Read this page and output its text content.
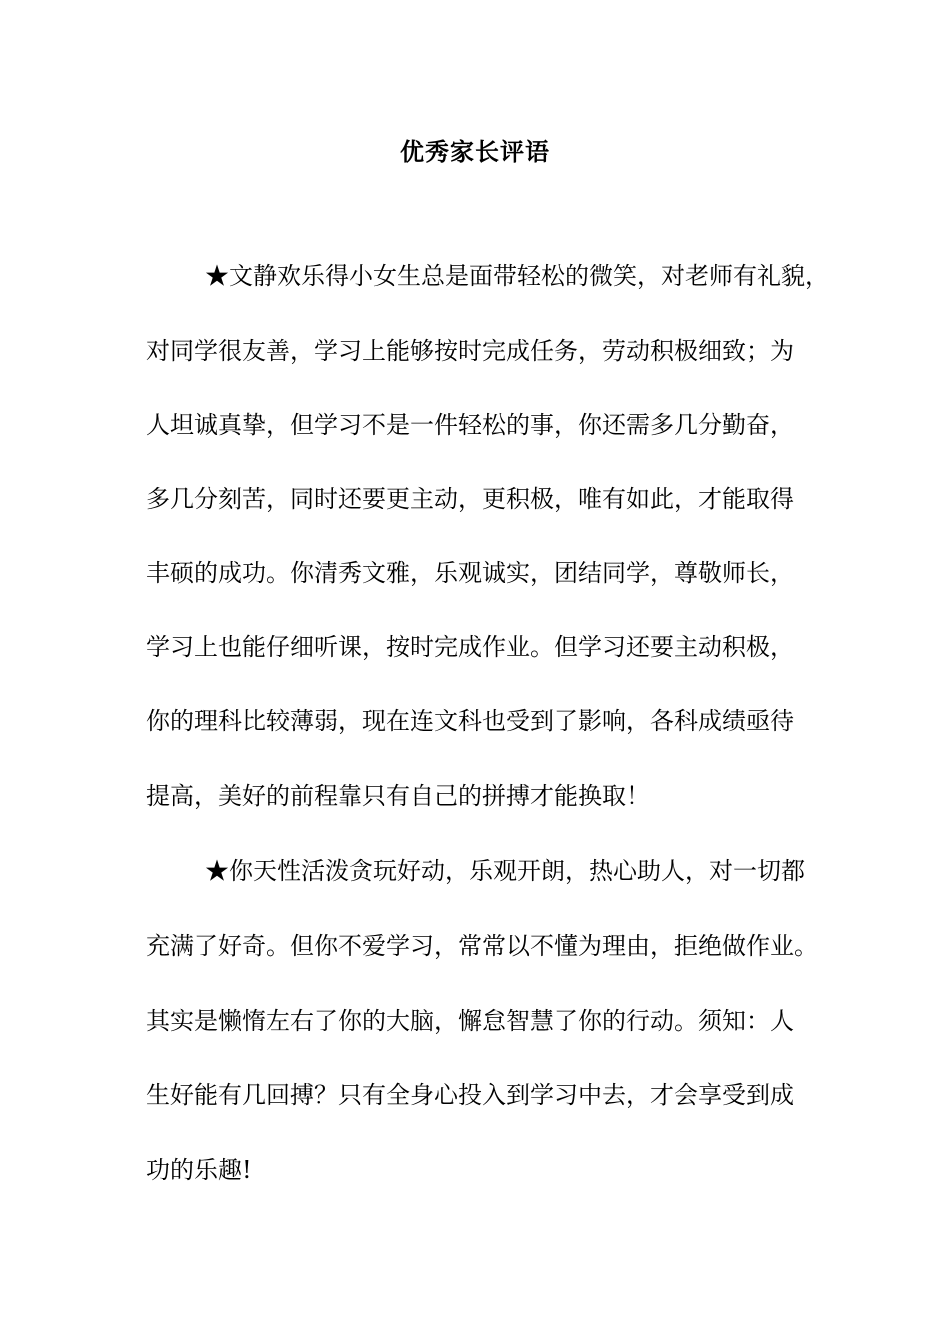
优秀家长评语
★文静欢乐得小女生总是面带轻松的微笑，对老师有礼貌，
对同学很友善，学习上能够按时完成任务，劳动积极细致；为
人坦诚真挚，但学习不是一件轻松的事，你还需多几分勤奋，
多几分刻苦，同时还要更主动，更积极，唯有如此，才能取得
丰硕的成功。你清秀文雅，乐观诚实，团结同学，尊敬师长，
学习上也能仔细听课，按时完成作业。但学习还要主动积极，
你的理科比较薄弱，现在连文科也受到了影响，各科成绩亟待
提高，美好的前程靠只有自己的拼搏才能换取！
★你天性活泼贪玩好动，乐观开朗，热心助人，对一切都
充满了好奇。但你不爱学习，常常以不懂为理由，拒绝做作业。
其实是懒惰左右了你的大脑，懈怠智慧了你的行动。须知：人
生好能有几回搏？只有全身心投入到学习中去，才会享受到成
功的乐趣!
